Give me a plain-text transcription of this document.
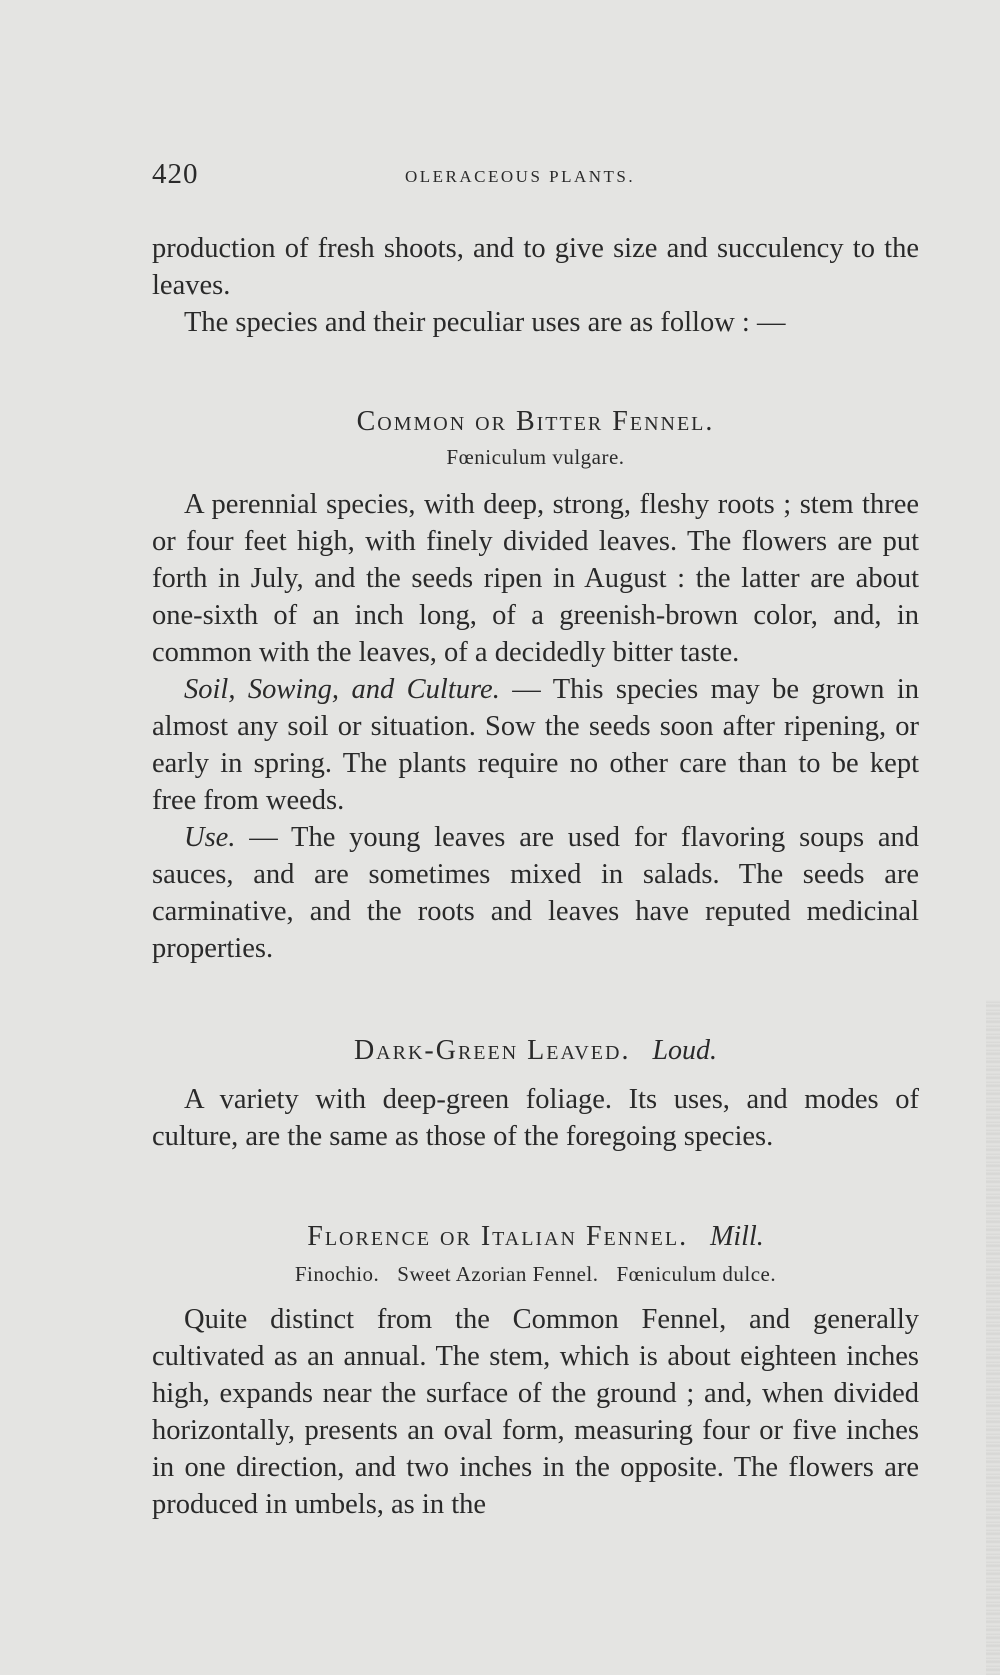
420	OLERACEOUS PLANTS.

production of fresh shoots, and to give size and succulency to the leaves.

The species and their peculiar uses are as follow : —

Common or Bitter Fennel.
Fœniculum vulgare.

A perennial species, with deep, strong, fleshy roots ; stem three or four feet high, with finely divided leaves. The flowers are put forth in July, and the seeds ripen in August : the latter are about one-sixth of an inch long, of a greenish-brown color, and, in common with the leaves, of a decidedly bitter taste.

Soil, Sowing, and Culture. — This species may be grown in almost any soil or situation. Sow the seeds soon after ripening, or early in spring. The plants require no other care than to be kept free from weeds.

Use. — The young leaves are used for flavoring soups and sauces, and are sometimes mixed in salads. The seeds are carminative, and the roots and leaves have reputed medicinal properties.

Dark-Green Leaved. Loud.

A variety with deep-green foliage. Its uses, and modes of culture, are the same as those of the foregoing species.

Florence or Italian Fennel. Mill.
Finochio. Sweet Azorian Fennel. Fœniculum dulce.

Quite distinct from the Common Fennel, and generally cultivated as an annual. The stem, which is about eighteen inches high, expands near the surface of the ground ; and, when divided horizontally, presents an oval form, measuring four or five inches in one direction, and two inches in the opposite. The flowers are produced in umbels, as in the
